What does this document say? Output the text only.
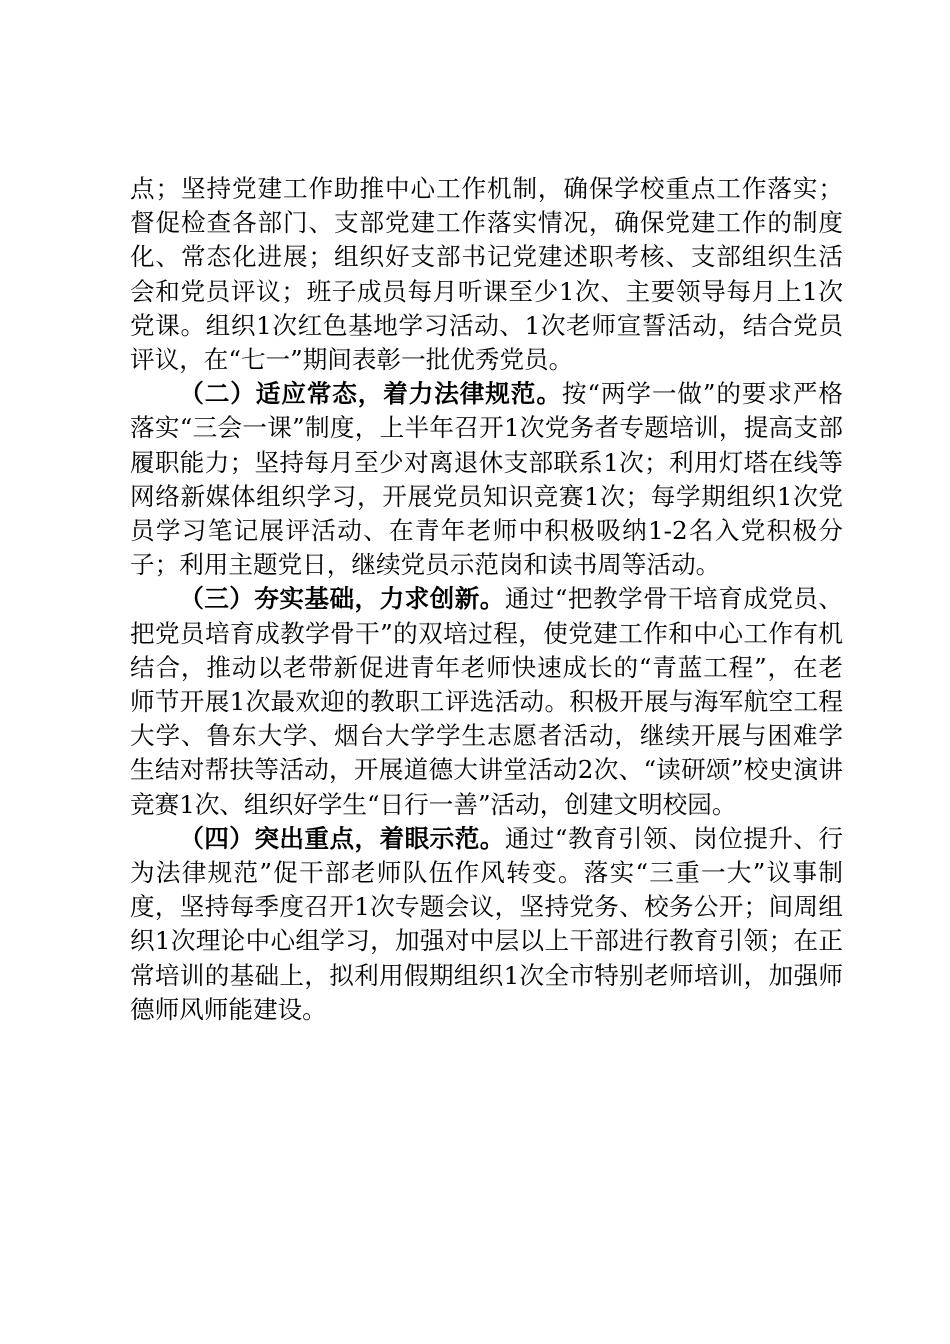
点；坚持党建工作助推中心工作机制，确保学校重点工作落实；督促检查各部门、支部党建工作落实情况，确保党建工作的制度化、常态化进展；组织好支部书记党建述职考核、支部组织生活会和党员评议；班子成员每月听课至少1次、主要领导每月上1次党课。组织1次红色基地学习活动、1次老师宣誓活动，结合党员评议，在“七一”期间表彰一批优秀党员。

（二）适应常态，着力法律规范。按“两学一做”的要求严格落实“三会一课”制度，上半年召开1次党务者专题培训，提高支部履职能力；坚持每月至少对离退休支部联系1次；利用灯塔在线等网络新媒体组织学习，开展党员知识竞赛1次；每学期组织1次党员学习笔记展评活动、在青年老师中积极吸纳1-2名入党积极分子；利用主题党日，继续党员示范岗和读书周等活动。

（三）夯实基础，力求创新。通过“把教学骨干培育成党员、把党员培育成教学骨干”的双培过程，使党建工作和中心工作有机结合，推动以老带新促进青年老师快速成长的“青蓝工程”，在老师节开展1次最欢迎的教职工评选活动。积极开展与海军航空工程大学、鲁东大学、烟台大学学生志愿者活动，继续开展与困难学生结对帮扶等活动，开展道德大讲堂活动2次、“读研颂”校史演讲竞赛1次、组织好学生“日行一善”活动，创建文明校园。

（四）突出重点，着眼示范。通过“教育引领、岗位提升、行为法律规范”促干部老师队伍作风转变。落实“三重一大”议事制度，坚持每季度召开1次专题会议，坚持党务、校务公开；间周组织1次理论中心组学习，加强对中层以上干部进行教育引领；在正常培训的基础上，拟利用假期组织1次全市特别老师培训，加强师德师风师能建设。
